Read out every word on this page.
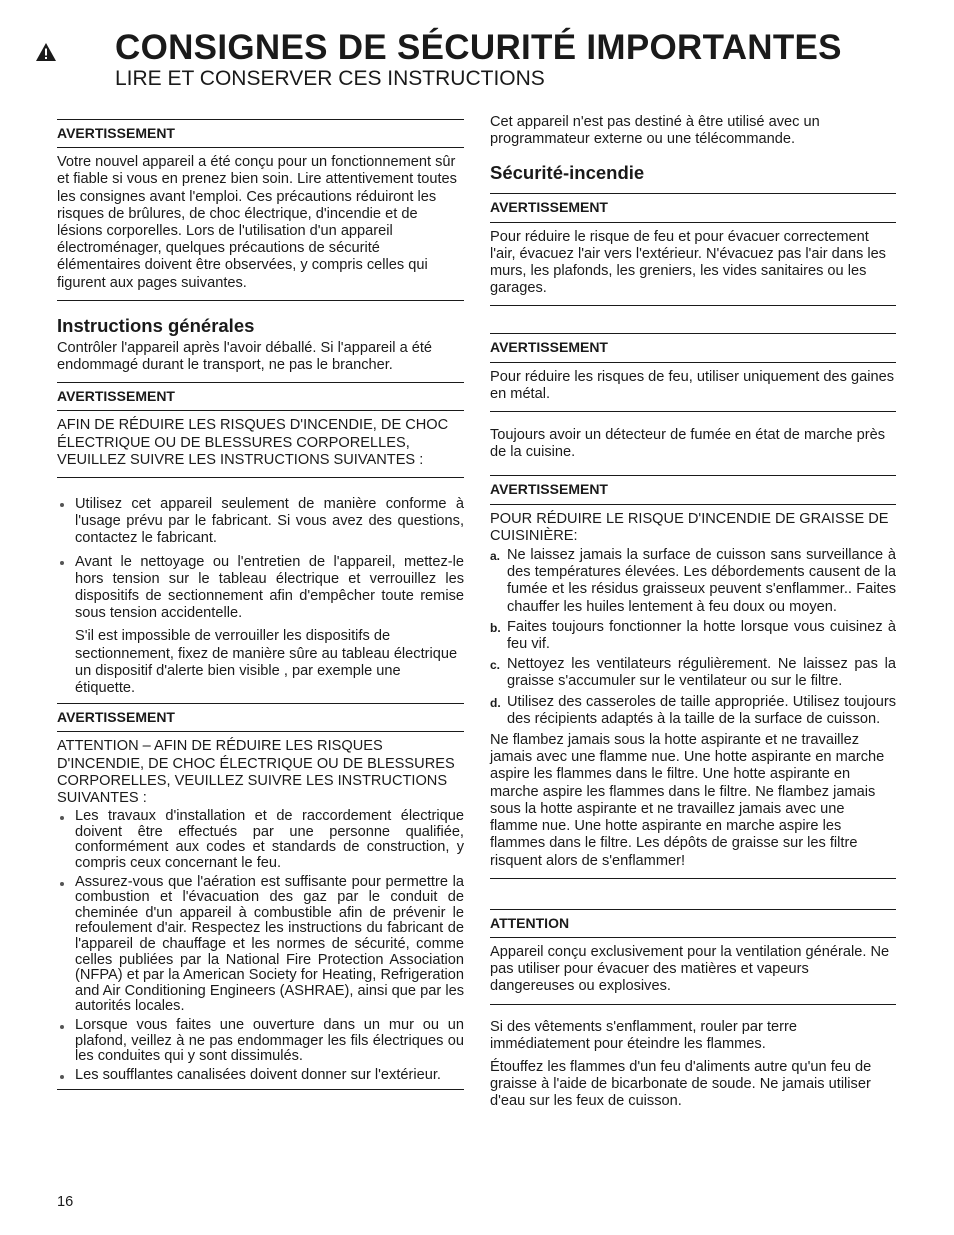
CONSIGNES DE SÉCURITÉ IMPORTANTES
LIRE ET CONSERVER CES INSTRUCTIONS
AVERTISSEMENT

Votre nouvel appareil a été conçu pour un fonctionnement sûr et fiable si vous en prenez bien soin. Lire attentivement toutes les consignes avant l'emploi. Ces précautions réduiront les risques de brûlures, de choc électrique, d'incendie et de lésions corporelles. Lors de l'utilisation d'un appareil électroménager, quelques précautions de sécurité élémentaires doivent être observées, y compris celles qui figurent aux pages suivantes.

Instructions générales

Contrôler l'appareil après l'avoir déballé. Si l'appareil a été endommagé durant le transport, ne pas le brancher.

AVERTISSEMENT

AFIN DE RÉDUIRE LES RISQUES D'INCENDIE, DE CHOC ÉLECTRIQUE OU DE BLESSURES CORPORELLES, VEUILLEZ SUIVRE LES INSTRUCTIONS SUIVANTES :

Utilisez cet appareil seulement de manière conforme à l'usage prévu par le fabricant. Si vous avez des questions, contactez le fabricant.
Avant le nettoyage ou l'entretien de l'appareil, mettez-le hors tension sur le tableau électrique et verrouillez les dispositifs de sectionnement afin d'empêcher toute remise sous tension accidentelle.
S'il est impossible de verrouiller les dispositifs de sectionnement, fixez de manière sûre au tableau électrique un dispositif d'alerte bien visible , par exemple une étiquette.
AVERTISSEMENT

ATTENTION – AFIN DE RÉDUIRE LES RISQUES D'INCENDIE, DE CHOC ÉLECTRIQUE OU DE BLESSURES CORPORELLES, VEUILLEZ SUIVRE LES INSTRUCTIONS SUIVANTES :

Les travaux d'installation et de raccordement électrique doivent être effectués par une personne qualifiée, conformément aux codes et standards de construction, y compris ceux concernant le feu.
Assurez-vous que l'aération est suffisante pour permettre la combustion et l'évacuation des gaz par le conduit de cheminée d'un appareil à combustible afin de prévenir le refoulement d'air. Respectez les instructions du fabricant de l'appareil de chauffage et les normes de sécurité, comme celles publiées par la National Fire Protection Association (NFPA) et par la American Society for Heating, Refrigeration and Air Conditioning Engineers (ASHRAE), ainsi que par les autorités locales.
Lorsque vous faites une ouverture dans un mur ou un plafond, veillez à ne pas endommager les fils électriques ou les conduites qui y sont dissimulés.
Les soufflantes canalisées doivent donner sur l'extérieur.

Cet appareil n'est pas destiné à être utilisé avec un programmateur externe ou une télécommande.

Sécurité-incendie
AVERTISSEMENT

Pour réduire le risque de feu et pour évacuer correctement l'air, évacuez l'air vers l'extérieur. N'évacuez pas l'air dans les murs, les plafonds, les greniers, les vides sanitaires ou les garages.

AVERTISSEMENT

Pour réduire les risques de feu, utiliser uniquement des gaines en métal.

Toujours avoir un détecteur de fumée en état de marche près de la cuisine.

AVERTISSEMENT

POUR RÉDUIRE LE RISQUE D'INCENDIE DE GRAISSE DE CUISINIÈRE:

a. Ne laissez jamais la surface de cuisson sans surveillance à des températures élevées. Les débordements causent de la fumée et les résidus graisseux peuvent s'enflammer.. Faites chauffer les huiles lentement à feu doux ou moyen.
b. Faites toujours fonctionner la hotte lorsque vous cuisinez à feu vif.
c. Nettoyez les ventilateurs régulièrement. Ne laissez pas la graisse s'accumuler sur le ventilateur ou sur le filtre.
d. Utilisez des casseroles de taille appropriée. Utilisez toujours des récipients adaptés à la taille de la surface de cuisson.

Ne flambez jamais sous la hotte aspirante et ne travaillez jamais avec une flamme nue. Une hotte aspirante en marche aspire les flammes dans le filtre. Une hotte aspirante en marche aspire les flammes dans le filtre. Ne flambez jamais sous la hotte aspirante et ne travaillez jamais avec une flamme nue. Une hotte aspirante en marche aspire les flammes dans le filtre. Les dépôts de graisse sur les filtre risquent alors de s'enflammer!

ATTENTION

Appareil conçu exclusivement pour la ventilation générale. Ne pas utiliser pour évacuer des matières et vapeurs dangereuses ou explosives.

Si des vêtements s'enflamment, rouler par terre immédiatement pour éteindre les flammes.

Étouffez les flammes d'un feu d'aliments autre qu'un feu de graisse à l'aide de bicarbonate de soude. Ne jamais utiliser d'eau sur les feux de cuisson.

16
